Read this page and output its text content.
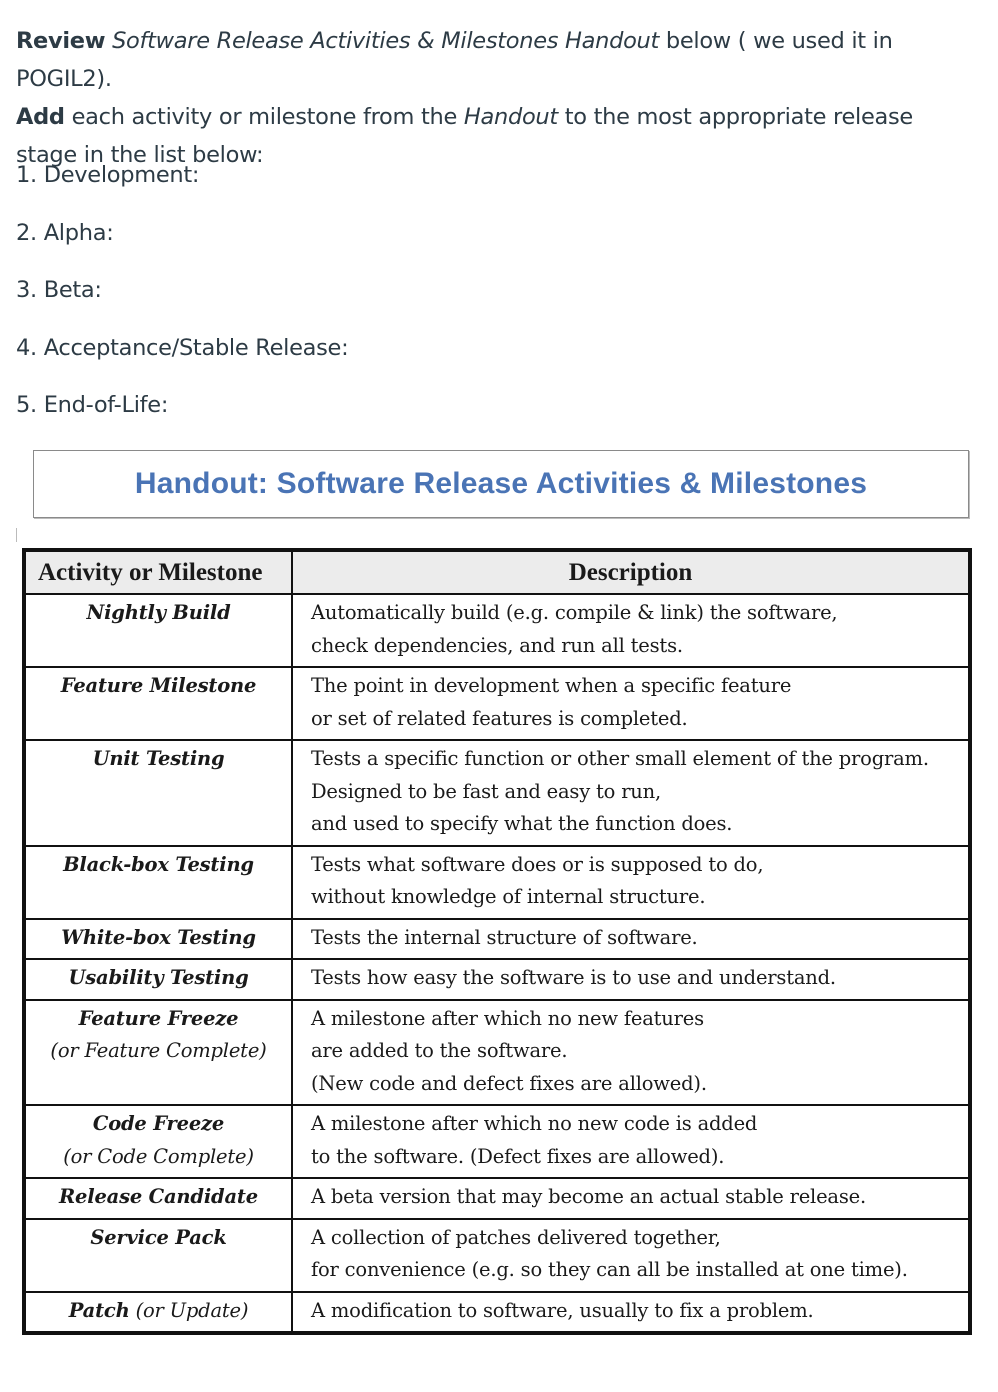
Review Software Release Activities & Milestones Handout below ( we used it in POGIL2).
Add each activity or milestone from the Handout to the most appropriate release
stage in the list below:
1. Development:
2. Alpha:
3. Beta:
4. Acceptance/Stable Release:
5. End-of-Life:
Handout: Software Release Activities & Milestones
Activity or Milestone	Description
Nightly Build	Automatically build (e.g. compile & link) the software,
check dependencies, and run all tests.

Feature Milestone	The point in development when a specific feature
or set of related features is completed.

Unit Testing	Tests a specific function or other small element of the program.
Designed to be fast and easy to run,
and used to specify what the function does.

Black-box Testing	Tests what software does or is supposed to do,
without knowledge of internal structure.

White-box Testing	Tests the internal structure of software.

Usability Testing	Tests how easy the software is to use and understand.

Feature Freeze
(or Feature Complete)	A milestone after which no new features
are added to the software.
(New code and defect fixes are allowed).

Code Freeze
(or Code Complete)	A milestone after which no new code is added
to the software. (Defect fixes are allowed).

Release Candidate	A beta version that may become an actual stable release.

Service Pack	A collection of patches delivered together,
for convenience (e.g. so they can all be installed at one time).

Patch (or Update)	A modification to software, usually to fix a problem.
